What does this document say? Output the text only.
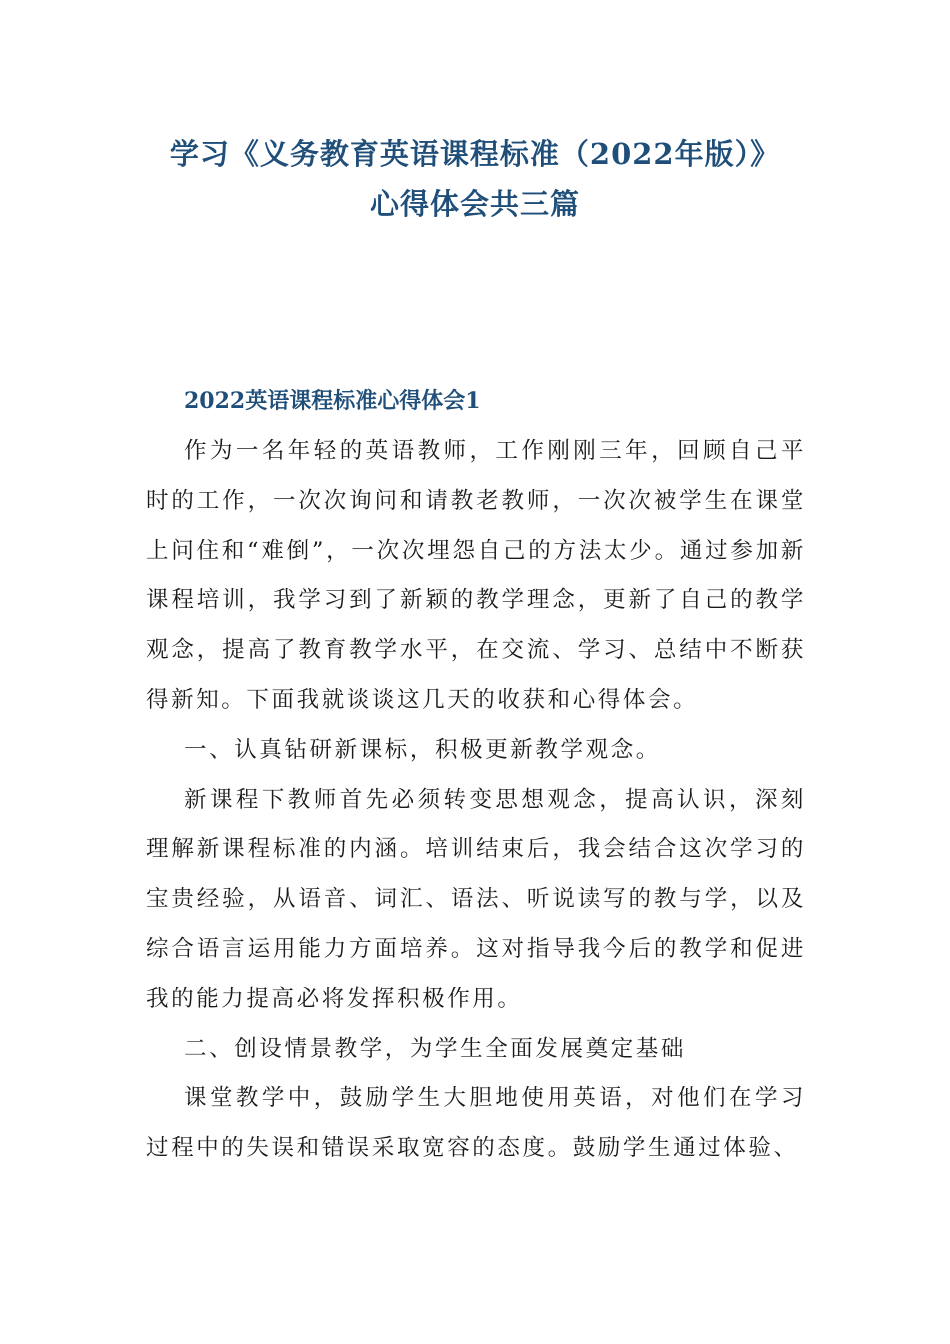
学习《义务教育英语课程标准（2022年版）》
心得体会共三篇
2022英语课程标准心得体会1

作为一名年轻的英语教师，工作刚刚三年，回顾自己平时的工作，一次次询问和请教老教师，一次次被学生在课堂上问住和“难倒”，一次次埋怨自己的方法太少。通过参加新课程培训，我学习到了新颖的教学理念，更新了自己的教学观念，提高了教育教学水平，在交流、学习、总结中不断获得新知。下面我就谈谈这几天的收获和心得体会。

一、认真钻研新课标，积极更新教学观念。

新课程下教师首先必须转变思想观念，提高认识，深刻理解新课程标准的内涵。培训结束后，我会结合这次学习的宝贵经验，从语音、词汇、语法、听说读写的教与学，以及综合语言运用能力方面培养。这对指导我今后的教学和促进我的能力提高必将发挥积极作用。

二、创设情景教学，为学生全面发展奠定基础

课堂教学中，鼓励学生大胆地使用英语，对他们在学习过程中的失误和错误采取宽容的态度。鼓励学生通过体验、
